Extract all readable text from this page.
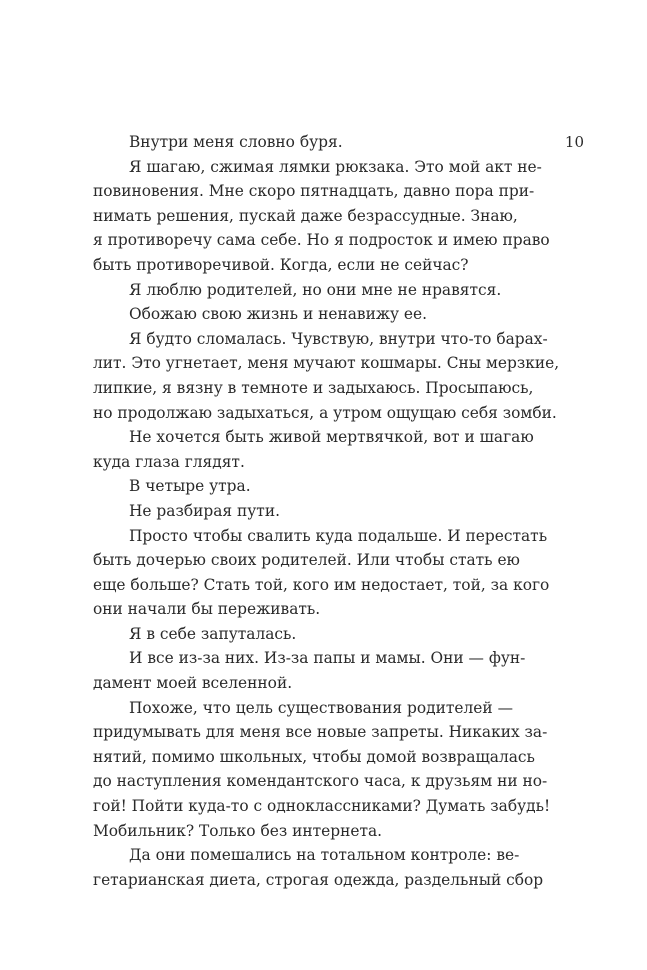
10
Внутри меня словно буря.
Я шагаю, сжимая лямки рюкзака. Это мой акт не-
повиновения. Мне скоро пятнадцать, давно пора при-
нимать решения, пускай даже безрассудные. Знаю,
я противоречу сама себе. Но я подросток и имею право
быть противоречивой. Когда, если не сейчас?
Я люблю родителей, но они мне не нравятся.
Обожаю свою жизнь и ненавижу ее.
Я будто сломалась. Чувствую, внутри что-то барах-
лит. Это угнетает, меня мучают кошмары. Сны мерзкие,
липкие, я вязну в темноте и задыхаюсь. Просыпаюсь,
но продолжаю задыхаться, а утром ощущаю себя зомби.
Не хочется быть живой мертвячкой, вот и шагаю
куда глаза глядят.
В четыре утра.
Не разбирая пути.
Просто чтобы свалить куда подальше. И перестать
быть дочерью своих родителей. Или чтобы стать ею
еще больше? Стать той, кого им недостает, той, за кого
они начали бы переживать.
Я в себе запуталась.
И все из-за них. Из-за папы и мамы. Они — фун-
дамент моей вселенной.
Похоже, что цель существования родителей —
придумывать для меня все новые запреты. Никаких за-
нятий, помимо школьных, чтобы домой возвращалась
до наступления комендантского часа, к друзьям ни но-
гой! Пойти куда-то с одноклассниками? Думать забудь!
Мобильник? Только без интернета.
Да они помешались на тотальном контроле: ве-
гетарианская диета, строгая одежда, раздельный сбор
